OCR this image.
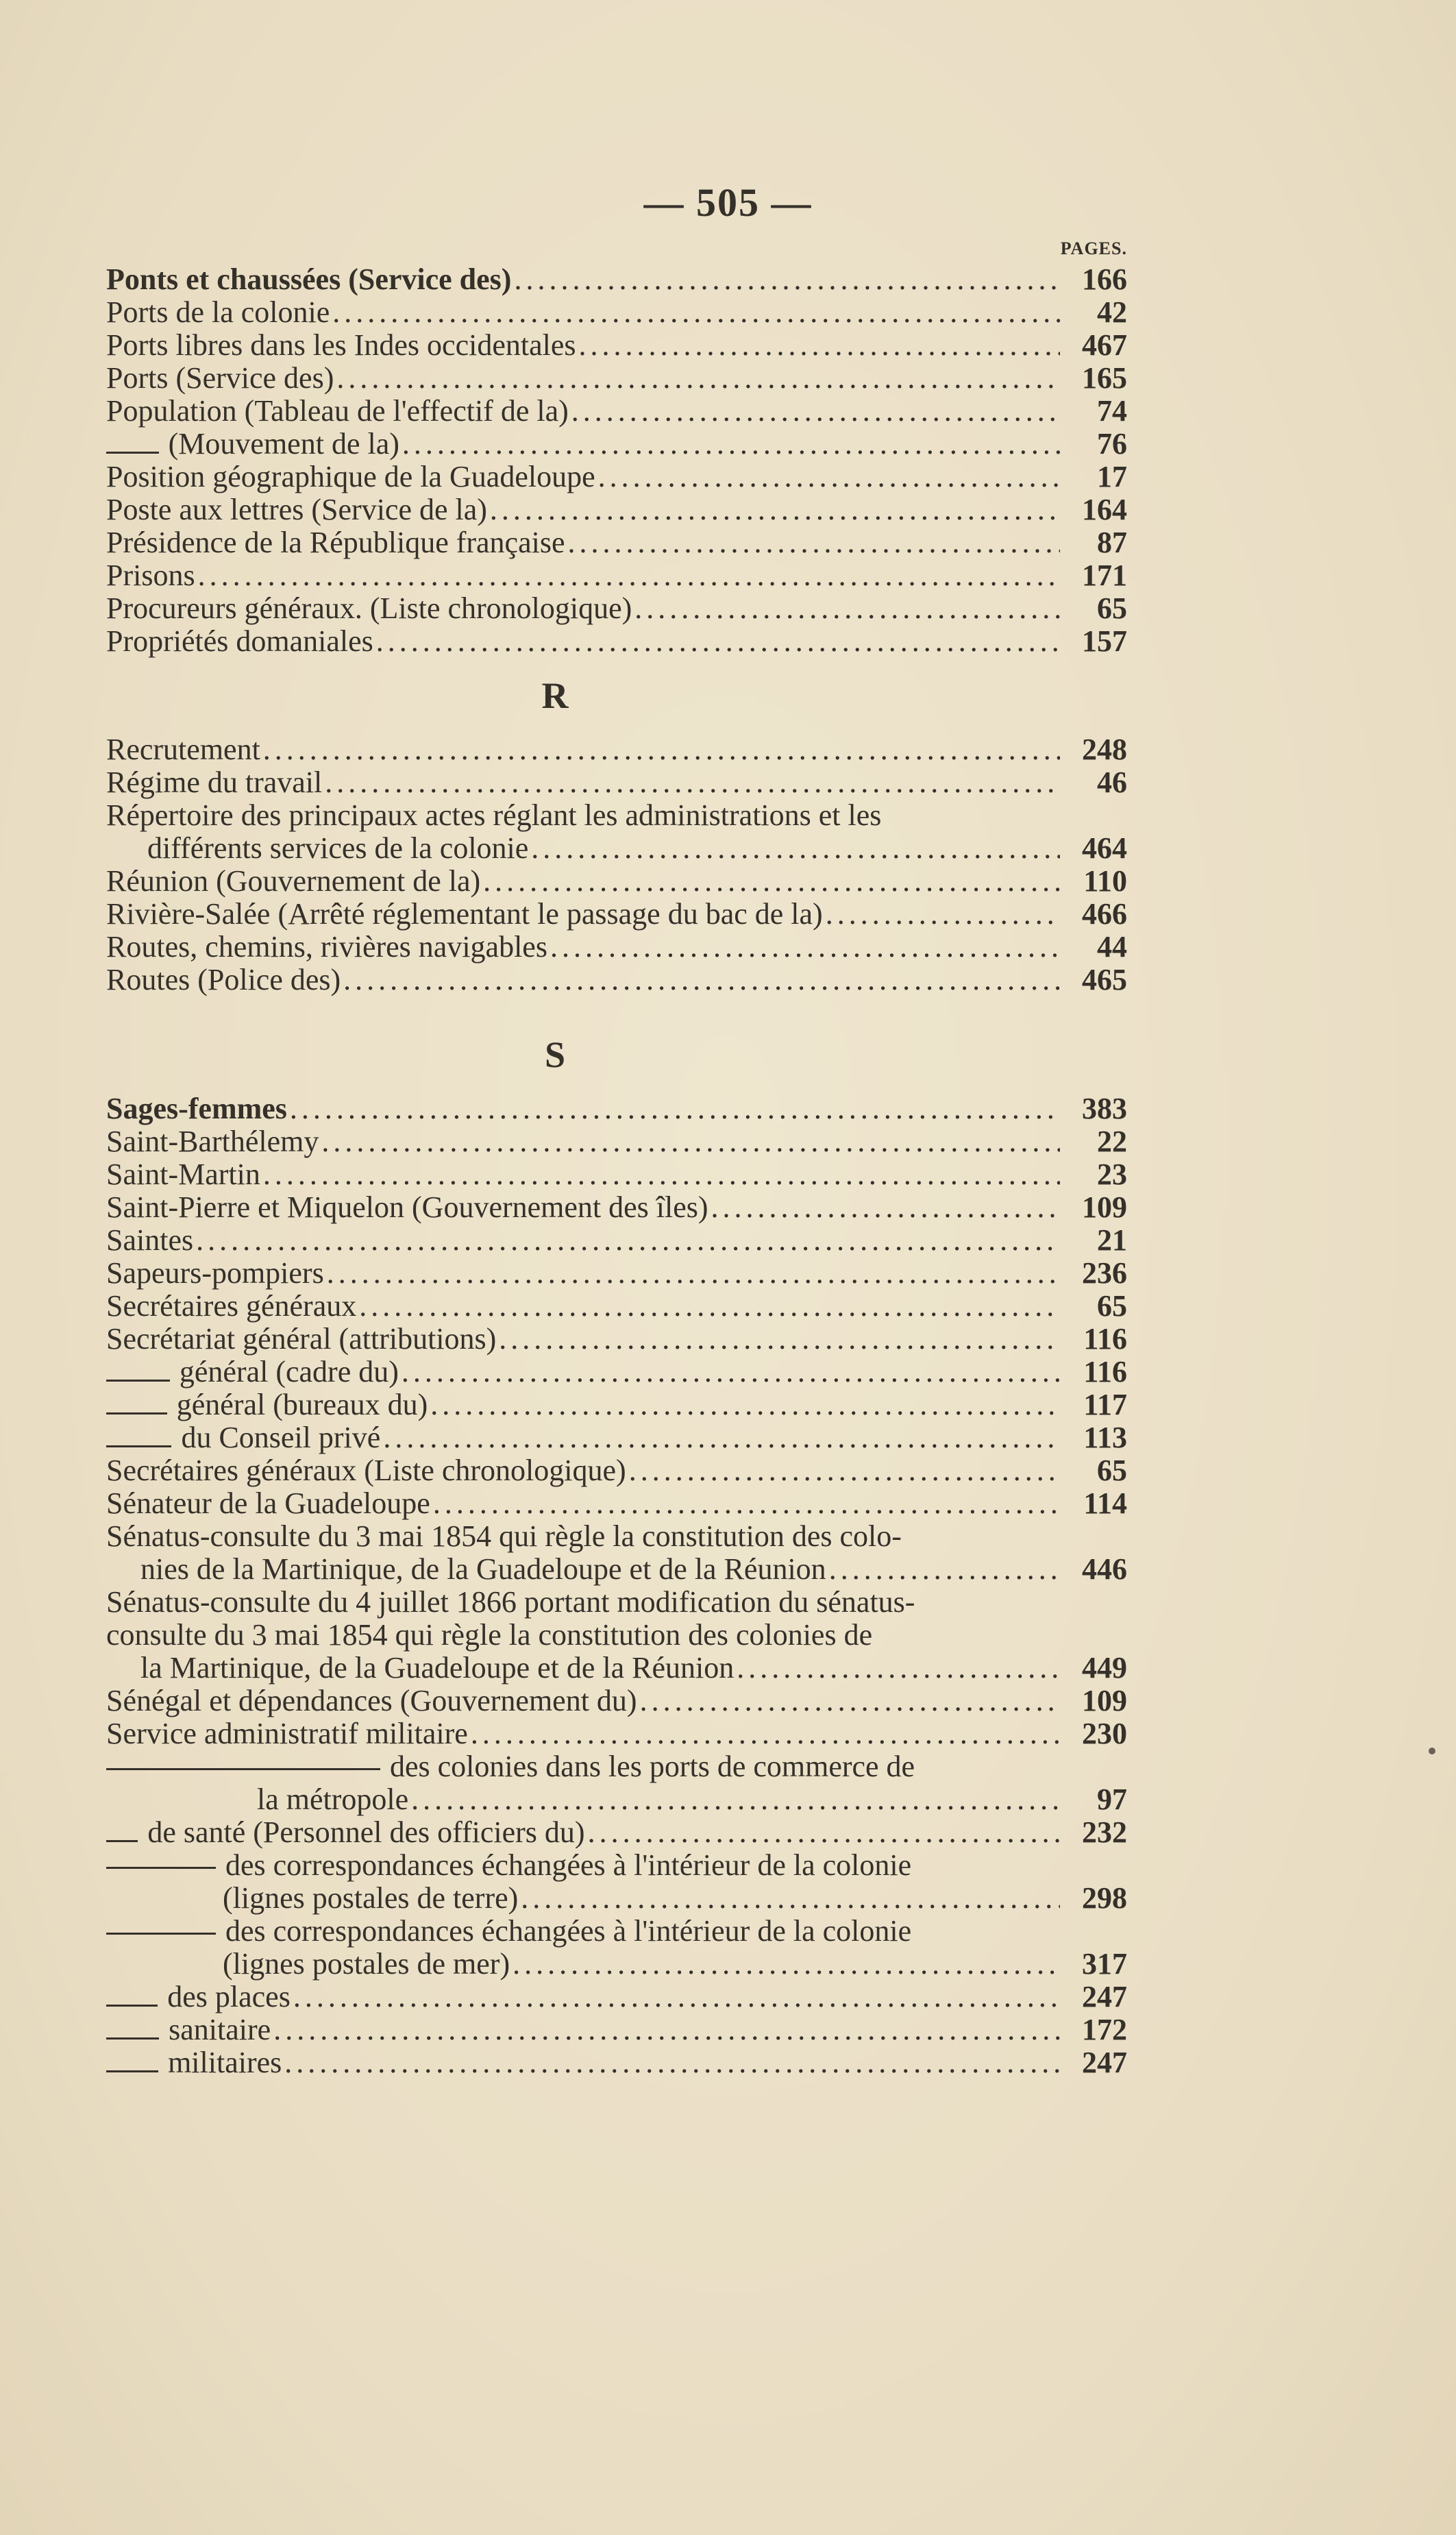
— 505 —
PAGES.
Ponts et chaussées (Service des) .....	166
Ports de la colonie .....	42
Ports libres dans les Indes occidentales .....	467
Ports (Service des) .....	165
Population (Tableau de l'effectif de la) .....	74
(Mouvement de la) .....	76
Position géographique de la Guadeloupe .....	17
Poste aux lettres (Service de la) .....	164
Présidence de la République française .....	87
Prisons .....	171
Procureurs généraux. (Liste chronologique) .....	65
Propriétés domaniales .....	157
R
Recrutement .....	248
Régime du travail .....	46
Répertoire des principaux actes réglant les administrations et les
différents services de la colonie .....	464
Réunion (Gouvernement de la) .....	110
Rivière-Salée (Arrêté réglementant le passage du bac de la) .....	466
Routes, chemins, rivières navigables .....	44
Routes (Police des) .....	465
S
Sages-femmes .....	383
Saint-Barthélemy .....	22
Saint-Martin .....	23
Saint-Pierre et Miquelon (Gouvernement des îles) .....	109
Saintes .....	21
Sapeurs-pompiers .....	236
Secrétaires généraux .....	65
Secrétariat général (attributions) .....	116
général (cadre du) .....	116
général (bureaux du) .....	117
du Conseil privé .....	113
Secrétaires généraux (Liste chronologique) .....	65
Sénateur de la Guadeloupe .....	114
Sénatus-consulte du 3 mai 1854 qui règle la constitution des colo-
nies de la Martinique, de la Guadeloupe et de la Réunion .....	446
Sénatus-consulte du 4 juillet 1866 portant modification du sénatus-
consulte du 3 mai 1854 qui règle la constitution des colonies de
la Martinique, de la Guadeloupe et de la Réunion .....	449
Sénégal et dépendances (Gouvernement du) .....	109
Service administratif militaire .....	230
des colonies dans les ports de commerce de
la métropole .....	97
de santé (Personnel des officiers du) .....	232
des correspondances échangées à l'intérieur de la colonie
(lignes postales de terre) .....	298
des correspondances échangées à l'intérieur de la colonie
(lignes postales de mer) .....	317
des places .....	247
sanitaire .....	172
militaires .....	247
